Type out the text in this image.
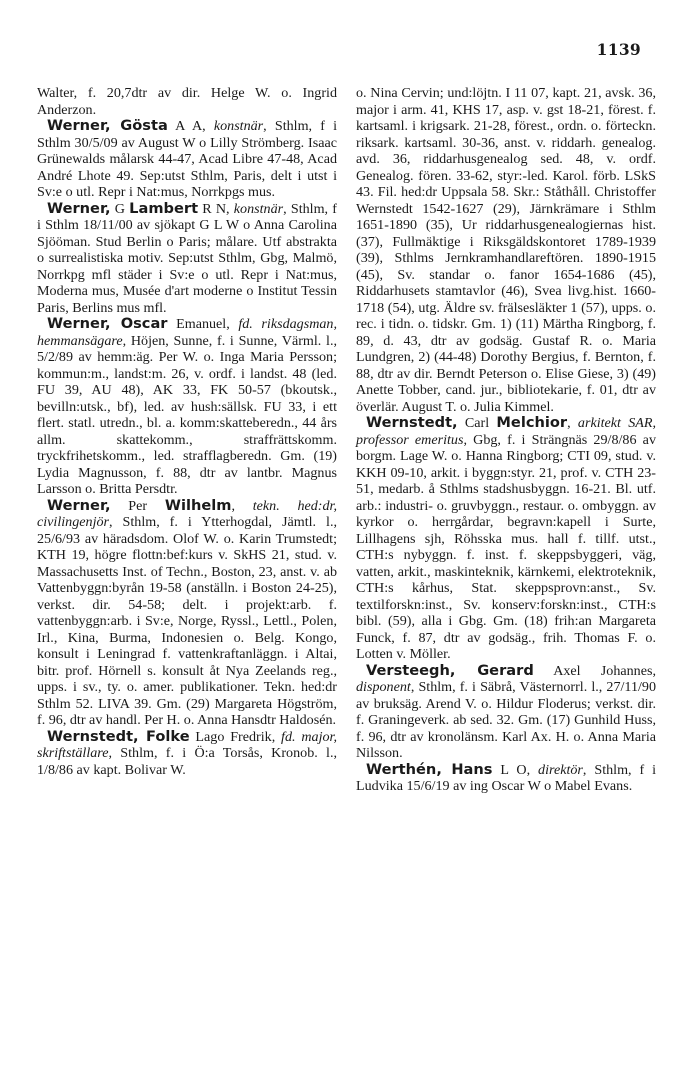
1139

Walter, f. 20,7dtr av dir. Helge W. o. Ingrid Anderzon.

Werner, Gösta A A, konstnär, Sthlm, f i Sthlm 30/5/09 av August W o Lilly Strömberg. Isaac Grünewalds målarsk 44-47, Acad Libre 47-48, Acad André Lhote 49. Sep:utst Sthlm, Paris, delt i utst i Sv:e o utl. Repr i Nat:mus, Norrkpgs mus.

Werner, G Lambert R N, konstnär, Sthlm, f i Sthlm 18/11/00 av sjökapt G L W o Anna Carolina Sjööman. Stud Berlin o Paris; målare. Utf abstrakta o surrealistiska motiv. Sep:utst Sthlm, Gbg, Malmö, Norrkpg mfl städer i Sv:e o utl. Repr i Nat:mus, Moderna mus, Musée d'art moderne o Institut Tessin Paris, Berlins mus mfl.

Werner, Oscar Emanuel, fd. riksdagsman, hemmansägare, Höjen, Sunne, f. i Sunne, Värml. l., 5/2/89 av hemm:äg. Per W. o. Inga Maria Persson; kommun:m., landst:m. 26, v. ordf. i landst. 48 (led. FU 39, AU 48), AK 33, FK 50-57 (bkoutsk., bevilln:utsk., bf), led. av hush:sällsk. FU 33, i ett flert. statl. utredn., bl. a. komm:skatteberedn., 44 års allm. skattekomm., straffrättskomm. tryckfrihetskomm., led. strafflagberedn. Gm. (19) Lydia Magnusson, f. 88, dtr av lantbr. Magnus Larsson o. Britta Persdtr.

Werner, Per Wilhelm, tekn. hed:dr, civilingenjör, Sthlm, f. i Ytterhogdal, Jämtl. l., 25/6/93 av häradsdom. Olof W. o. Karin Trumstedt; KTH 19, högre flottn:bef:kurs v. SkHS 21, stud. v. Massachusetts Inst. of Techn., Boston, 23, anst. v. ab Vattenbyggn:byrån 19-58 (anställn. i Boston 24-25), verkst. dir. 54-58; delt. i projekt:arb. f. vattenbyggn:arb. i Sv:e, Norge, Ryssl., Lettl., Polen, Irl., Kina, Burma, Indonesien o. Belg. Kongo, konsult i Leningrad f. vattenkraftanläggn. i Altai, bitr. prof. Hörnell s. konsult åt Nya Zeelands reg., upps. i sv., ty. o. amer. publikationer. Tekn. hed:dr Sthlm 52. LIVA 39. Gm. (29) Margareta Högström, f. 96, dtr av handl. Per H. o. Anna Hansdtr Haldosén.

Wernstedt, Folke Lago Fredrik, fd. major, skriftställare, Sthlm, f. i Ö:a Torsås, Kronob. l., 1/8/86 av kapt. Bolivar W.

o. Nina Cervin; und:löjtn. I 11 07, kapt. 21, avsk. 36, major i arm. 41, KHS 17, asp. v. gst 18-21, förest. f. kartsaml. i krigsark. 21-28, förest., ordn. o. förteckn. riksark. kartsaml. 30-36, anst. v. riddarh. genealog. avd. 36, riddarhusgenealog sed. 48, v. ordf. Genealog. fören. 33-62, styr:-led. Karol. förb. LSkS 43. Fil. hed:dr Uppsala 58. Skr.: Ståthåll. Christoffer Wernstedt 1542-1627 (29), Järnkrämare i Sthlm 1651-1890 (35), Ur riddarhusgenealogiernas hist. (37), Fullmäktige i Riksgäldskontoret 1789-1939 (39), Sthlms Jernkramhandlareftören. 1890-1915 (45), Sv. standar o. fanor 1654-1686 (45), Riddarhusets stamtavlor (46), Svea livg.hist. 1660-1718 (54), utg. Äldre sv. frälsesläkter 1 (57), upps. o. rec. i tidn. o. tidskr. Gm. 1) (11) Märtha Ringborg, f. 89, d. 43, dtr av godsäg. Gustaf R. o. Maria Lundgren, 2) (44-48) Dorothy Bergius, f. Bernton, f. 88, dtr av dir. Berndt Peterson o. Elise Giese, 3) (49) Anette Tobber, cand. jur., bibliotekarie, f. 01, dtr av överlär. August T. o. Julia Kimmel.

Wernstedt, Carl Melchior, arkitekt SAR, professor emeritus, Gbg, f. i Strängnäs 29/8/86 av borgm. Lage W. o. Hanna Ringborg; CTI 09, stud. v. KKH 09-10, arkit. i byggn:styr. 21, prof. v. CTH 23-51, medarb. å Sthlms stadshusbyggn. 16-21. Bl. utf. arb.: industri- o. gruvbyggn., restaur. o. ombyggn. av kyrkor o. herrgårdar, begravn:kapell i Surte, Lillhagens sjh, Röhsska mus. hall f. tillf. utst., CTH:s nybyggn. f. inst. f. skeppsbyggeri, väg, vatten, arkit., maskinteknik, kärnkemi, elektroteknik, CTH:s kårhus, Stat. skeppsprovn:anst., Sv. textilforskn:inst., Sv. konserv:forskn:inst., CTH:s bibl. (59), alla i Gbg. Gm. (18) frih:an Margareta Funck, f. 87, dtr av godsäg., frih. Thomas F. o. Lotten v. Möller.

Versteegh, Gerard Axel Johannes, disponent, Sthlm, f. i Säbrå, Västernorrl. l., 27/11/90 av bruksäg. Arend V. o. Hildur Floderus; verkst. dir. f. Graningeverk. ab sed. 32. Gm. (17) Gunhild Huss, f. 96, dtr av kronolänsm. Karl Ax. H. o. Anna Maria Nilsson.

Werthén, Hans L O, direktör, Sthlm, f i Ludvika 15/6/19 av ing Oscar W o Mabel Evans.
